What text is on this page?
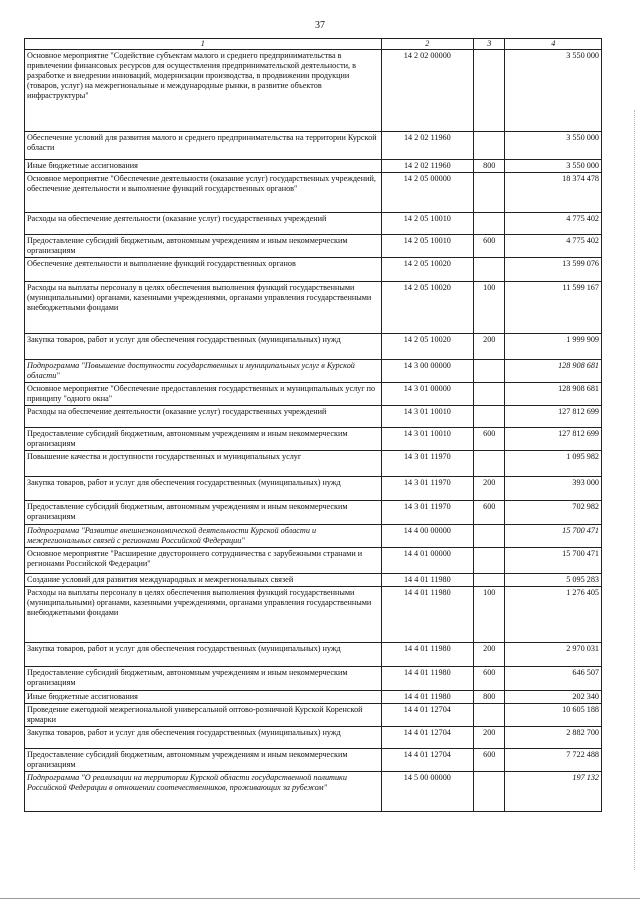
37
1	2	3	4
Основное мероприятие "Содействие субъектам малого и среднего предпринимательства в привлечении финансовых ресурсов для осуществления предпринимательской деятельности, в разработке и внедрении инноваций, модернизации производства, в продвижении продукции (товаров, услуг) на межрегиональные и международные рынки, в развитие объектов инфраструктуры"	14 2 02 00000		3 550 000
Обеспечение условий для развития малого и среднего предпринимательства на территории Курской области	14 2 02 11960		3 550 000
Иные бюджетные ассигнования	14 2 02 11960	800	3 550 000
Основное мероприятие "Обеспечение деятельности (оказание услуг) государственных учреждений, обеспечение деятельности и выполнение функций государственных органов"	14 2 05 00000		18 374 478
Расходы на обеспечение деятельности (оказание услуг) государственных учреждений	14 2 05 10010		4 775 402
Предоставление субсидий бюджетным, автономным учреждениям и иным некоммерческим организациям	14 2 05 10010	600	4 775 402
Обеспечение деятельности и выполнение функций государственных органов	14 2 05 10020		13 599 076
Расходы на выплаты персоналу в целях обеспечения выполнения функций государственными (муниципальными) органами, казенными учреждениями, органами управления государственными внебюджетными фондами	14 2 05 10020	100	11 599 167
Закупка товаров, работ и услуг для обеспечения государственных (муниципальных) нужд	14 2 05 10020	200	1 999 909
Подпрограмма "Повышение доступности государственных и муниципальных услуг в Курской области"	14 3 00 00000		128 908 681
Основное мероприятие "Обеспечение предоставления государственных и муниципальных услуг по принципу "одного окна"	14 3 01 00000		128 908 681
Расходы на обеспечение деятельности (оказание услуг) государственных учреждений	14 3 01 10010		127 812 699
Предоставление субсидий бюджетным, автономным учреждениям и иным некоммерческим организациям	14 3 01 10010	600	127 812 699
Повышение качества и доступности государственных и муниципальных услуг	14 3 01 11970		1 095 982
Закупка товаров, работ и услуг для обеспечения государственных (муниципальных) нужд	14 3 01 11970	200	393 000
Предоставление субсидий бюджетным, автономным учреждениям и иным некоммерческим организациям	14 3 01 11970	600	702 982
Подпрограмма "Развитие внешнеэкономической деятельности Курской области и межрегиональных связей с регионами Российской Федерации"	14 4 00 00000		15 700 471
Основное мероприятие "Расширение двустороннего сотрудничества с зарубежными странами и регионами Российской Федерации"	14 4 01 00000		15 700 471
Создание условий для развития международных и межрегиональных связей	14 4 01 11980		5 095 283
Расходы на выплаты персоналу в целях обеспечения выполнения функций государственными (муниципальными) органами, казенными учреждениями, органами управления государственными внебюджетными фондами	14 4 01 11980	100	1 276 405
Закупка товаров, работ и услуг для обеспечения государственных (муниципальных) нужд	14 4 01 11980	200	2 970 031
Предоставление субсидий бюджетным, автономным учреждениям и иным некоммерческим организациям	14 4 01 11980	600	646 507
Иные бюджетные ассигнования	14 4 01 11980	800	202 340
Проведение ежегодной межрегиональной универсальной оптово-розничной Курской Коренской ярмарки	14 4 01 12704		10 605 188
Закупка товаров, работ и услуг для обеспечения государственных (муниципальных) нужд	14 4 01 12704	200	2 882 700
Предоставление субсидий бюджетным, автономным учреждениям и иным некоммерческим организациям	14 4 01 12704	600	7 722 488
Подпрограмма "О реализации на территории Курской области государственной политики Российской Федерации в отношении соотечественников, проживающих за рубежом"	14 5 00 00000		197 132
